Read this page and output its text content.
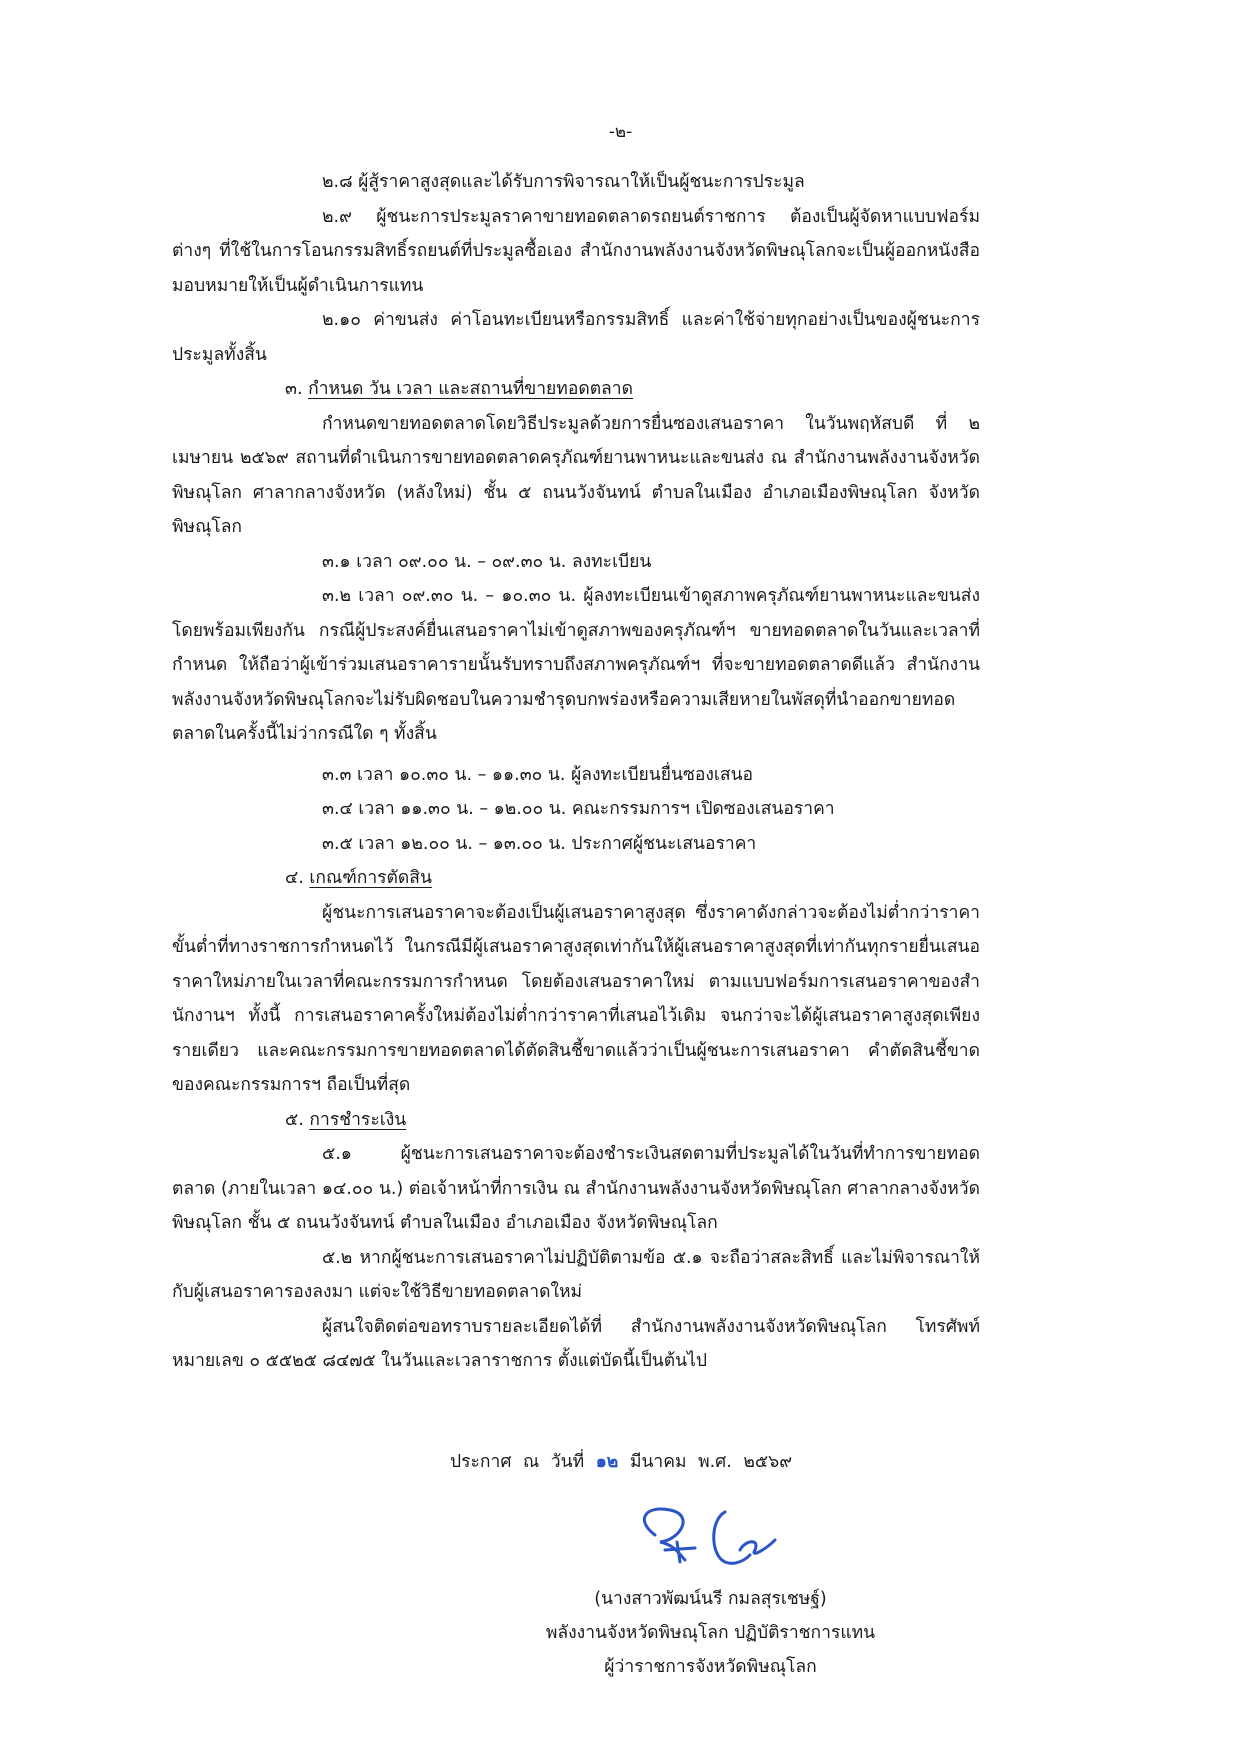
-๒-

๒.๘ ผู้สู้ราคาสูงสุดและได้รับการพิจารณาให้เป็นผู้ชนะการประมูล

๒.๙ ผู้ชนะการประมูลราคาขายทอดตลาดรถยนต์ราชการ ต้องเป็นผู้จัดหาแบบฟอร์มต่างๆ ที่ใช้ในการโอนกรรมสิทธิ์รถยนต์ที่ประมูลซื้อเอง สำนักงานพลังงานจังหวัดพิษณุโลกจะเป็นผู้ออกหนังสือมอบหมายให้เป็นผู้ดำเนินการแทน

๒.๑๐ ค่าขนส่ง ค่าโอนทะเบียนหรือกรรมสิทธิ์ และค่าใช้จ่ายทุกอย่างเป็นของผู้ชนะการประมูลทั้งสิ้น

๓. กำหนด วัน เวลา และสถานที่ขายทอดตลาด

กำหนดขายทอดตลาดโดยวิธีประมูลด้วยการยื่นซองเสนอราคา ในวันพฤหัสบดี ที่ ๒ เมษายน ๒๕๖๙ สถานที่ดำเนินการขายทอดตลาดครุภัณฑ์ยานพาหนะและขนส่ง ณ สำนักงานพลังงานจังหวัดพิษณุโลก ศาลากลางจังหวัด (หลังใหม่) ชั้น ๕ ถนนวังจันทน์ ตำบลในเมือง อำเภอเมืองพิษณุโลก จังหวัดพิษณุโลก

๓.๑ เวลา ๐๙.๐๐ น. – ๐๙.๓๐ น. ลงทะเบียน

๓.๒ เวลา ๐๙.๓๐ น. – ๑๐.๓๐ น. ผู้ลงทะเบียนเข้าดูสภาพครุภัณฑ์ยานพาหนะและขนส่งโดยพร้อมเพียงกัน กรณีผู้ประสงค์ยื่นเสนอราคาไม่เข้าดูสภาพของครุภัณฑ์ฯ ขายทอดตลาดในวันและเวลาที่กำหนด ให้ถือว่าผู้เข้าร่วมเสนอราคารายนั้นรับทราบถึงสภาพครุภัณฑ์ฯ ที่จะขายทอดตลาดดีแล้ว สำนักงานพลังงานจังหวัดพิษณุโลกจะไม่รับผิดชอบในความชำรุดบกพร่องหรือความเสียหายในพัสดุที่นำออกขายทอดตลาดในครั้งนี้ไม่ว่ากรณีใด ๆ ทั้งสิ้น

๓.๓ เวลา ๑๐.๓๐ น. – ๑๑.๓๐ น. ผู้ลงทะเบียนยื่นซองเสนอ

๓.๔ เวลา ๑๑.๓๐ น. – ๑๒.๐๐ น. คณะกรรมการฯ เปิดซองเสนอราคา

๓.๕ เวลา ๑๒.๐๐ น. – ๑๓.๐๐ น. ประกาศผู้ชนะเสนอราคา

๔. เกณฑ์การตัดสิน

ผู้ชนะการเสนอราคาจะต้องเป็นผู้เสนอราคาสูงสุด ซึ่งราคาดังกล่าวจะต้องไม่ต่ำกว่าราคาขั้นต่ำที่ทางราชการกำหนดไว้ ในกรณีมีผู้เสนอราคาสูงสุดเท่ากันให้ผู้เสนอราคาสูงสุดที่เท่ากันทุกรายยื่นเสนอราคาใหม่ภายในเวลาที่คณะกรรมการกำหนด โดยต้องเสนอราคาใหม่ ตามแบบฟอร์มการเสนอราคาของสำนักงานฯ ทั้งนี้ การเสนอราคาครั้งใหม่ต้องไม่ต่ำกว่าราคาที่เสนอไว้เดิม จนกว่าจะได้ผู้เสนอราคาสูงสุดเพียงรายเดียว และคณะกรรมการขายทอดตลาดได้ตัดสินชี้ขาดแล้วว่าเป็นผู้ชนะการเสนอราคา คำตัดสินชี้ขาดของคณะกรรมการฯ ถือเป็นที่สุด

๕. การชำระเงิน

๕.๑ ผู้ชนะการเสนอราคาจะต้องชำระเงินสดตามที่ประมูลได้ในวันที่ทำการขายทอดตลาด (ภายในเวลา ๑๔.๐๐ น.) ต่อเจ้าหน้าที่การเงิน ณ สำนักงานพลังงานจังหวัดพิษณุโลก ศาลากลางจังหวัดพิษณุโลก ชั้น ๕ ถนนวังจันทน์ ตำบลในเมือง อำเภอเมือง จังหวัดพิษณุโลก

๕.๒ หากผู้ชนะการเสนอราคาไม่ปฏิบัติตามข้อ ๕.๑ จะถือว่าสละสิทธิ์ และไม่พิจารณาให้กับผู้เสนอราคารองลงมา แต่จะใช้วิธีขายทอดตลาดใหม่

ผู้สนใจติดต่อขอทราบรายละเอียดได้ที่ สำนักงานพลังงานจังหวัดพิษณุโลก โทรศัพท์หมายเลข ๐ ๕๕๒๕ ๘๔๗๕ ในวันและเวลาราชการ ตั้งแต่บัดนี้เป็นต้นไป

ประกาศ ณ วันที่ ๑๒ มีนาคม พ.ศ. ๒๕๖๙
(นางสาวพัฒน์นรี กมลสุรเชษฐ์)
พลังงานจังหวัดพิษณุโลก ปฏิบัติราชการแทน
ผู้ว่าราชการจังหวัดพิษณุโลก
